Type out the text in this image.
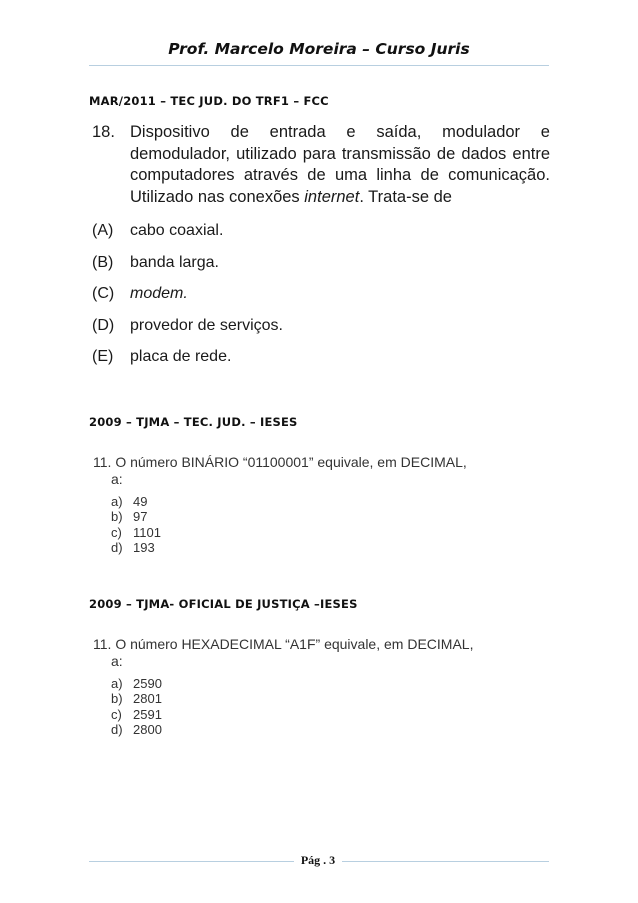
Prof. Marcelo Moreira – Curso Juris
MAR/2011 – TEC JUD. DO TRF1 – FCC
18. Dispositivo de entrada e saída, modulador e demodulador, utilizado para transmissão de dados entre computadores através de uma linha de comunicação. Utilizado nas conexões internet. Trata-se de
(A)	cabo coaxial.
(B)	banda larga.
(C) modem.
(D) provedor de serviços.
(E)	placa de rede.
2009 – TJMA – TEC. JUD. – IESES
11. O número BINÁRIO “01100001” equivale, em DECIMAL,
a:
a) 49
b) 97
c) 1101
d) 193
2009 – TJMA- OFICIAL DE JUSTIÇA –IESES
11. O número HEXADECIMAL “A1F” equivale, em DECIMAL,
a:
a) 2590
b) 2801
c) 2591
d) 2800
Pág . 3
